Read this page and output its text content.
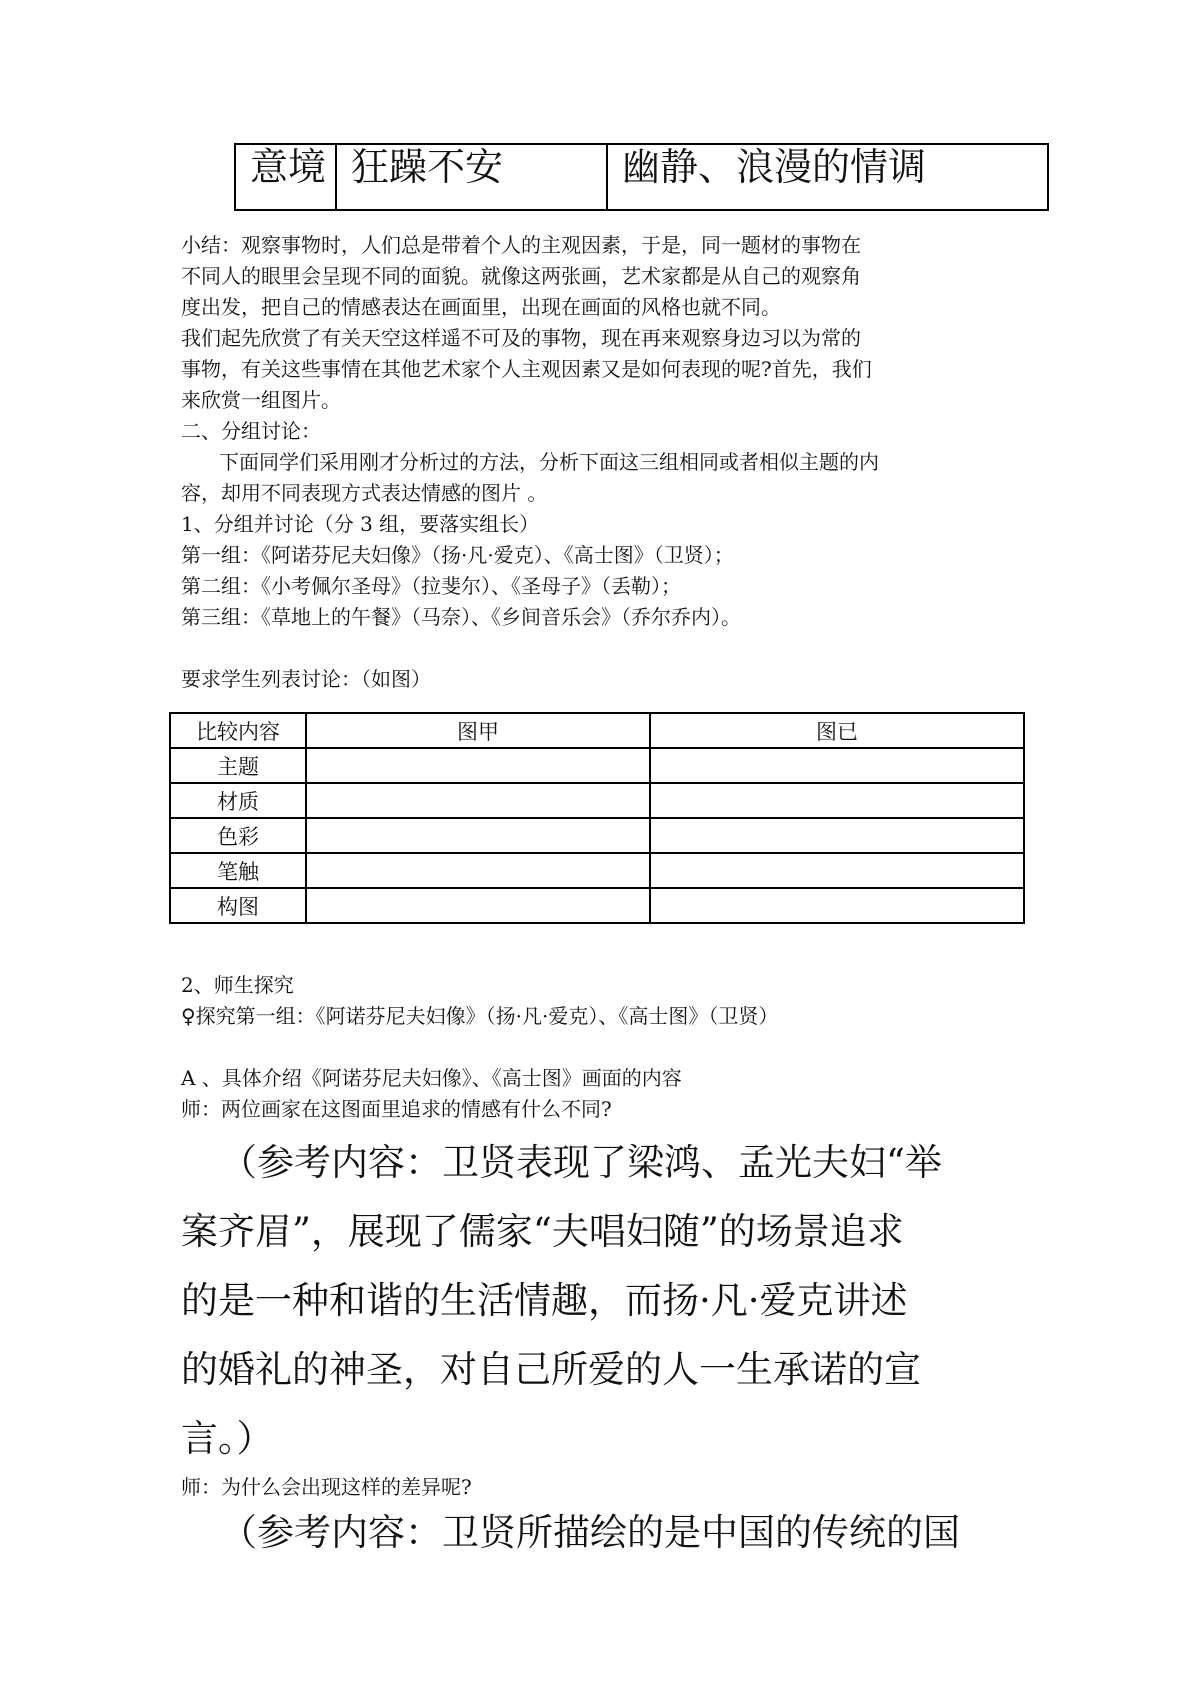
意境	狂躁不安	幽静、浪漫的情调
小结：观察事物时，人们总是带着个人的主观因素，于是，同一题材的事物在
不同人的眼里会呈现不同的面貌。就像这两张画，艺术家都是从自己的观察角
度出发，把自己的情感表达在画面里，出现在画面的风格也就不同。
我们起先欣赏了有关天空这样遥不可及的事物，现在再来观察身边习以为常的
事物，有关这些事情在其他艺术家个人主观因素又是如何表现的呢?首先，我们
来欣赏一组图片。
二、分组讨论：
下面同学们采用刚才分析过的方法，分析下面这三组相同或者相似主题的内
容，却用不同表现方式表达情感的图片 。
1、分组并讨论（分 3 组，要落实组长）
第一组：《阿诺芬尼夫妇像》（扬·凡·爱克）、《高士图》（卫贤）；
第二组：《小考佩尔圣母》（拉斐尔）、《圣母子》（丢勒）；
第三组：《草地上的午餐》（马奈）、《乡间音乐会》（乔尔乔内）。
要求学生列表讨论：（如图）
比较内容	图甲	图已
主题		
材质		
色彩		
笔触		
构图		
2、师生探究
♀探究第一组：《阿诺芬尼夫妇像》（扬·凡·爱克）、《高士图》（卫贤）
A 、具体介绍《阿诺芬尼夫妇像》、《高士图》画面的内容
师：两位画家在这图面里追求的情感有什么不同?
（参考内容：卫贤表现了梁鸿、孟光夫妇“举
案齐眉”，展现了儒家“夫唱妇随”的场景追求
的是一种和谐的生活情趣，而扬·凡·爱克讲述
的婚礼的神圣，对自己所爱的人一生承诺的宣
言。）
师：为什么会出现这样的差异呢?
（参考内容：卫贤所描绘的是中国的传统的国
